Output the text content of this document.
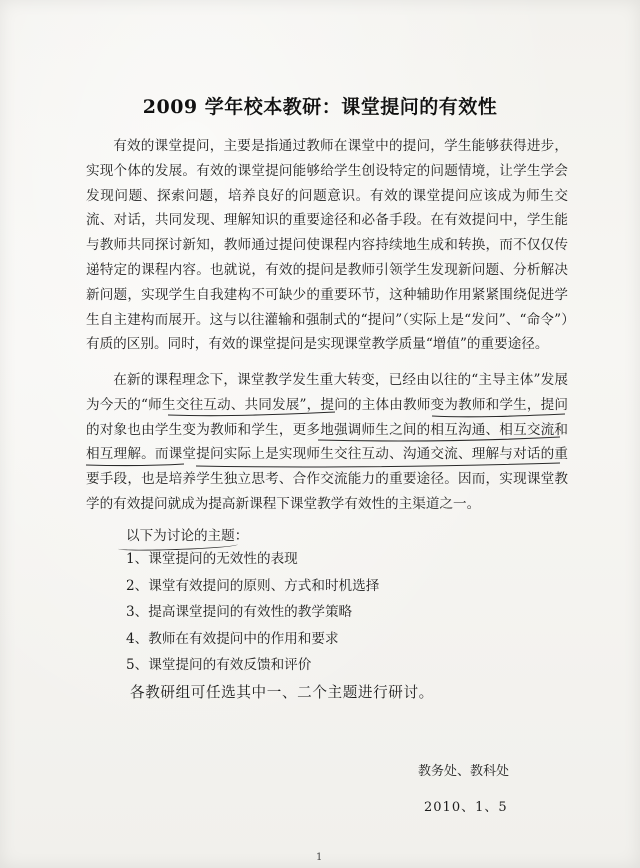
2009 学年校本教研：课堂提问的有效性
有效的课堂提问，主要是指通过教师在课堂中的提问，学生能够获得进步，实现个体的发展。有效的课堂提问能够给学生创设特定的问题情境，让学生学会发现问题、探索问题，培养良好的问题意识。有效的课堂提问应该成为师生交流、对话，共同发现、理解知识的重要途径和必备手段。在有效提问中，学生能与教师共同探讨新知，教师通过提问使课程内容持续地生成和转换，而不仅仅传递特定的课程内容。也就说，有效的提问是教师引领学生发现新问题、分析解决新问题，实现学生自我建构不可缺少的重要环节，这种辅助作用紧紧围绕促进学生自主建构而展开。这与以往灌输和强制式的“提问”（实际上是“发问”、“命令”）有质的区别。同时，有效的课堂提问是实现课堂教学质量“增值”的重要途径。
在新的课程理念下，课堂教学发生重大转变，已经由以往的“主导主体”发展为今天的“师生交往互动、共同发展”，提问的主体由教师变为教师和学生，提问的对象也由学生变为教师和学生，更多地强调师生之间的相互沟通、相互交流和相互理解。而课堂提问实际上是实现师生交往互动、沟通交流、理解与对话的重要手段，也是培养学生独立思考、合作交流能力的重要途径。因而，实现课堂教学的有效提问就成为提高新课程下课堂教学有效性的主渠道之一。
以下为讨论的主题：
1、课堂提问的无效性的表现
2、课堂有效提问的原则、方式和时机选择
3、提高课堂提问的有效性的教学策略
4、教师在有效提问中的作用和要求
5、课堂提问的有效反馈和评价
各教研组可任选其中一、二个主题进行研讨。
教务处、教科处
2010、1、5
1
